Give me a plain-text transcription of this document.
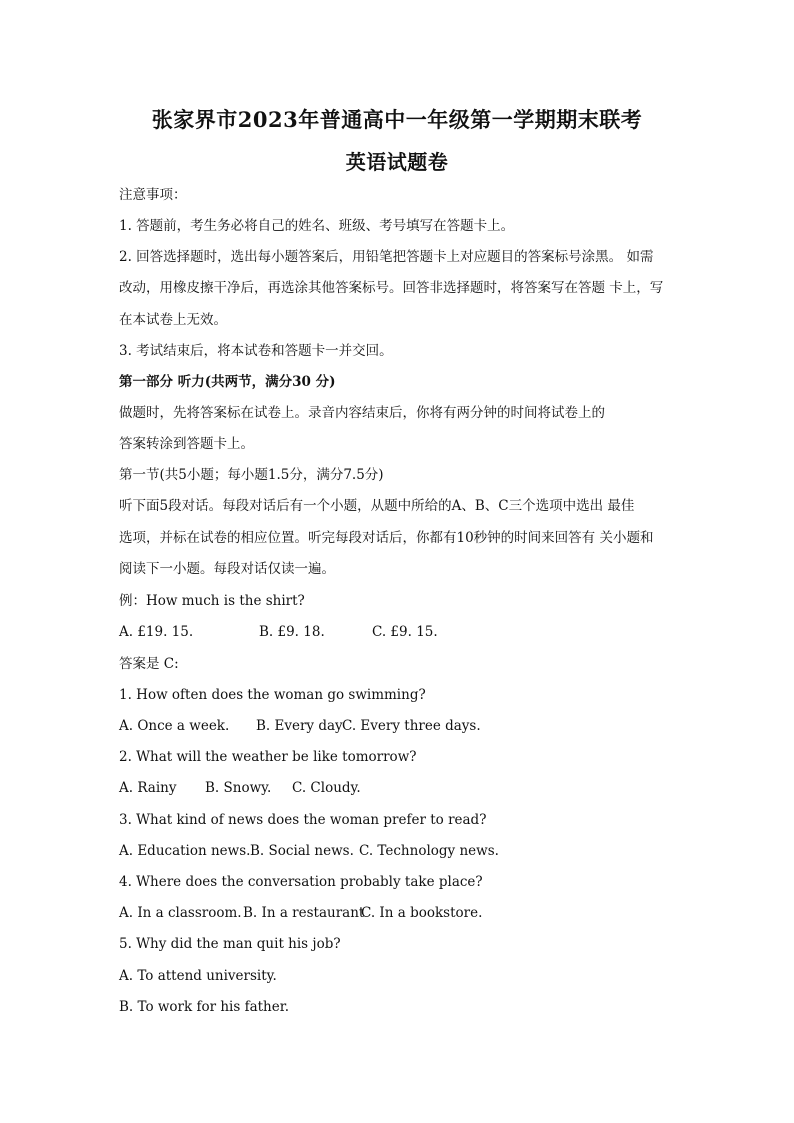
张家界市2023年普通高中一年级第一学期期末联考
英语试题卷
注意事项：
1. 答题前，考生务必将自己的姓名、班级、考号填写在答题卡上。
2. 回答选择题时，选出每小题答案后，用铅笔把答题卡上对应题目的答案标号涂黑。 如需
改动，用橡皮擦干净后，再选涂其他答案标号。回答非选择题时，将答案写在答题 卡上，写
在本试卷上无效。
3. 考试结束后，将本试卷和答题卡一并交回。
第一部分 听力(共两节，满分30 分)
做题时，先将答案标在试卷上。录音内容结束后，你将有两分钟的时间将试卷上的
答案转涂到答题卡上。
第一节(共5小题；每小题1.5分，满分7.5分)
听下面5段对话。每段对话后有一个小题，从题中所给的A、B、C三个选项中选出 最佳
选项，并标在试卷的相应位置。听完每段对话后，你都有10秒钟的时间来回答有 关小题和
阅读下一小题。每段对话仅读一遍。
例：How much is the shirt?
A. £19. 15.	B. £9. 18.	C. £9. 15.
答案是 C:
1. How often does the woman go swimming?
A. Once a week. B. Every dayC. Every three days.
2. What will the weather be like tomorrow?
A. Rainy B. Snowy. C. Cloudy.
3. What kind of news does the woman prefer to read?
A. Education news.B. Social news. C. Technology news.
4. Where does the conversation probably take place?
A. In a classroom.B. In a restaurantC. In a bookstore.
5. Why did the man quit his job?
A. To attend university.
B. To work for his father.
